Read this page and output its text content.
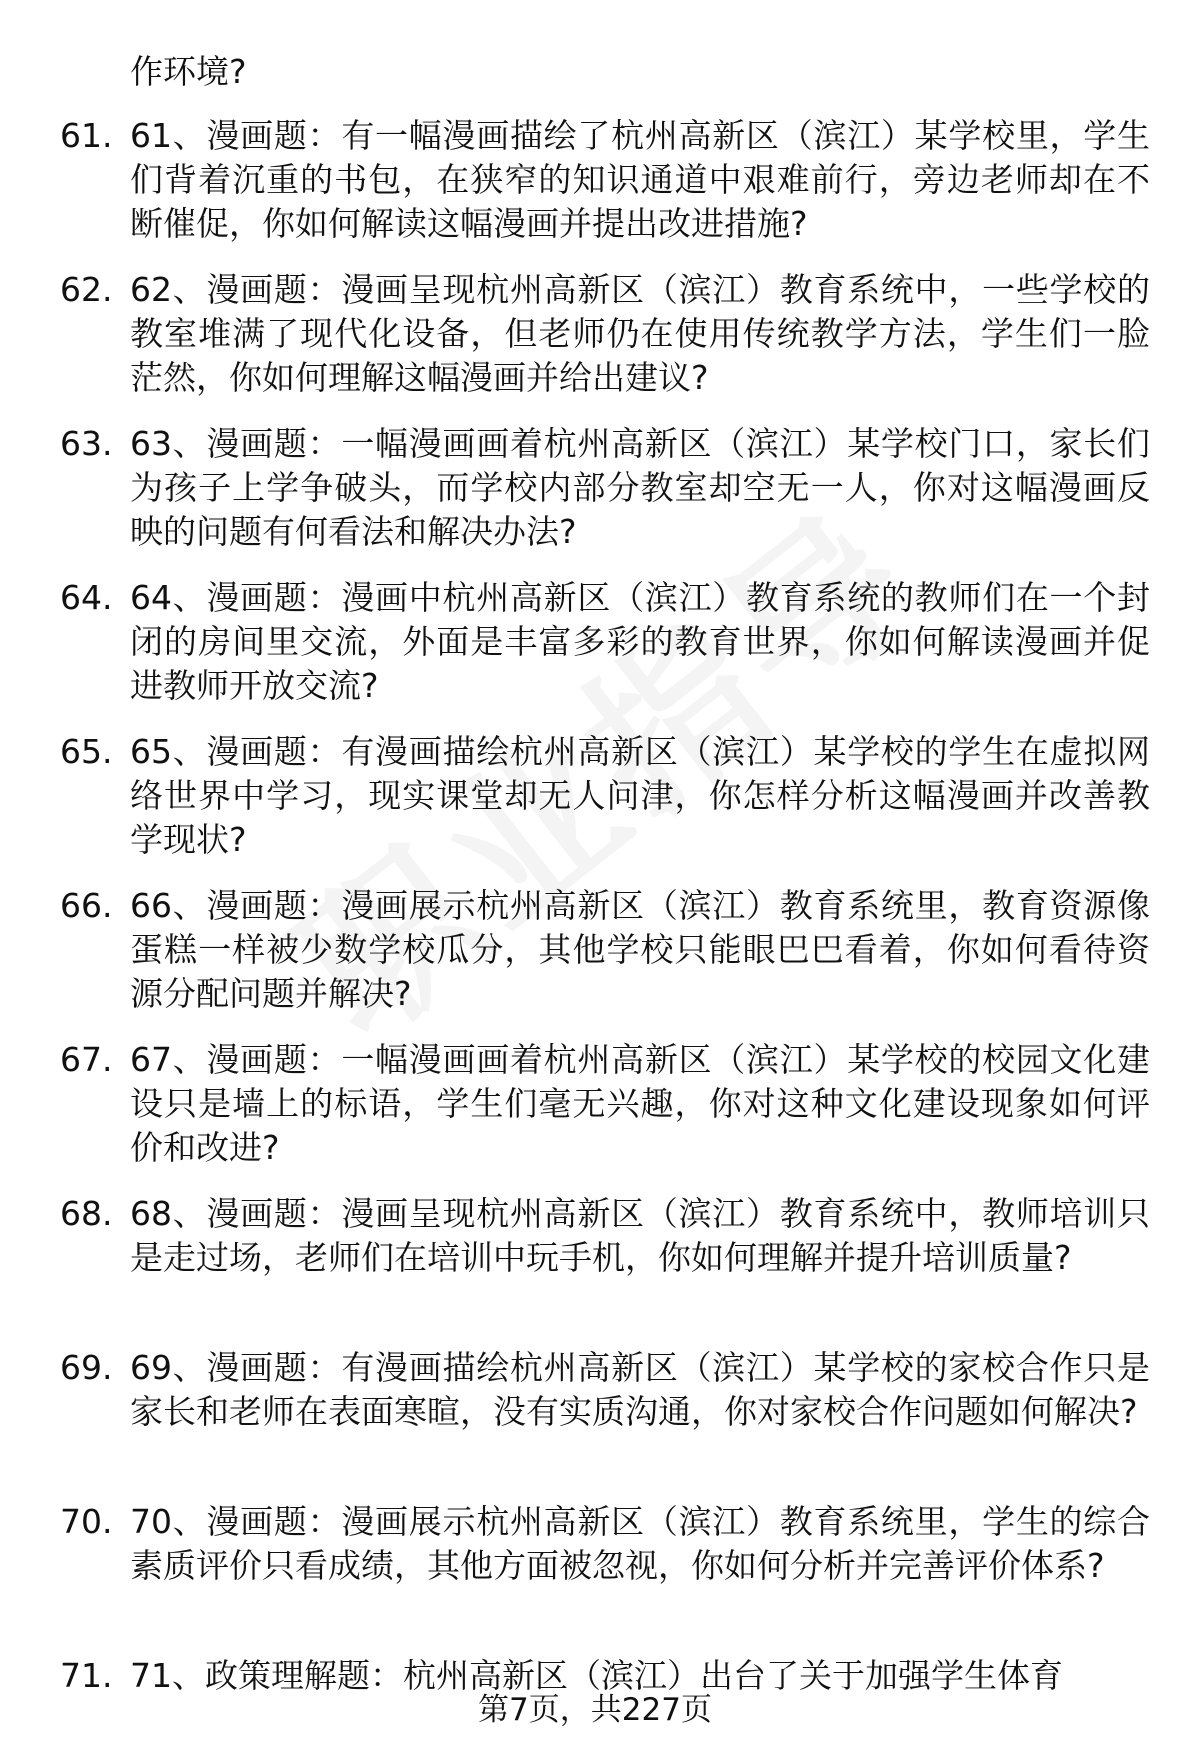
作环境?
61. 61、漫画题：有一幅漫画描绘了杭州高新区（滨江）某学校里，学生们背着沉重的书包，在狭窄的知识通道中艰难前行，旁边老师却在不断催促，你如何解读这幅漫画并提出改进措施?
62. 62、漫画题：漫画呈现杭州高新区（滨江）教育系统中，一些学校的教室堆满了现代化设备，但老师仍在使用传统教学方法，学生们一脸茫然，你如何理解这幅漫画并给出建议?
63. 63、漫画题：一幅漫画画着杭州高新区（滨江）某学校门口，家长们为孩子上学争破头，而学校内部分教室却空无一人，你对这幅漫画反映的问题有何看法和解决办法?
64. 64、漫画题：漫画中杭州高新区（滨江）教育系统的教师们在一个封闭的房间里交流，外面是丰富多彩的教育世界，你如何解读漫画并促进教师开放交流?
65. 65、漫画题：有漫画描绘杭州高新区（滨江）某学校的学生在虚拟网络世界中学习，现实课堂却无人问津，你怎样分析这幅漫画并改善教学现状?
66. 66、漫画题：漫画展示杭州高新区（滨江）教育系统里，教育资源像蛋糕一样被少数学校瓜分，其他学校只能眼巴巴看着，你如何看待资源分配问题并解决?
67. 67、漫画题：一幅漫画画着杭州高新区（滨江）某学校的校园文化建设只是墙上的标语，学生们毫无兴趣，你对这种文化建设现象如何评价和改进?
68. 68、漫画题：漫画呈现杭州高新区（滨江）教育系统中，教师培训只是走过场，老师们在培训中玩手机，你如何理解并提升培训质量?
69. 69、漫画题：有漫画描绘杭州高新区（滨江）某学校的家校合作只是家长和老师在表面寒暄，没有实质沟通，你对家校合作问题如何解决?
70. 70、漫画题：漫画展示杭州高新区（滨江）教育系统里，学生的综合素质评价只看成绩，其他方面被忽视，你如何分析并完善评价体系?
71. 71、政策理解题：杭州高新区（滨江）出台了关于加强学生体育
第7页，共227页
